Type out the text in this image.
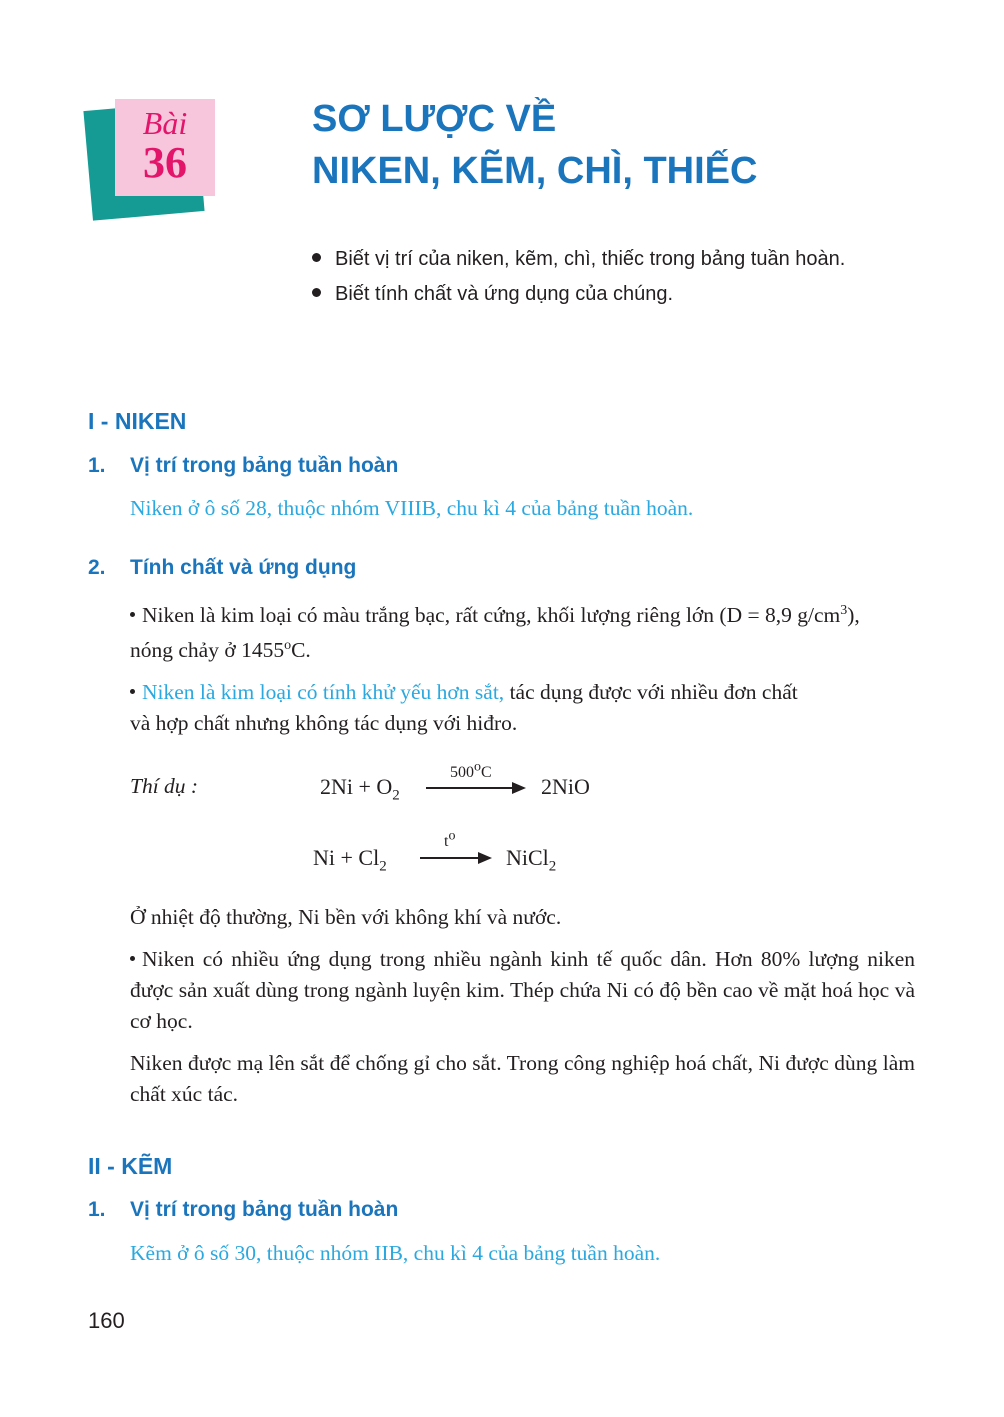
Bài
36
SƠ LƯỢC VỀ
NIKEN, KẼM, CHÌ, THIẾC
Biết vị trí của niken, kẽm, chì, thiếc trong bảng tuần hoàn.
Biết tính chất và ứng dụng của chúng.
I - NIKEN
1. Vị trí trong bảng tuần hoàn
Niken ở ô số 28, thuộc nhóm VIIIB, chu kì 4 của bảng tuần hoàn.
2. Tính chất và ứng dụng
Niken là kim loại có màu trắng bạc, rất cứng, khối lượng riêng lớn (D = 8,9 $g/cm^3$),
nóng chảy ở 1455$^o$C.
Niken là kim loại có tính khử yếu hơn sắt, tác dụng được với nhiều đơn chất
và hợp chất nhưng không tác dụng với hiđro.
Thí dụ :	$2Ni + O_2$
500$^o$C
2NiO
$Ni + Cl_2$
$t^o$
NiCl$_2$
Ở nhiệt độ thường, Ni bền với không khí và nước.
Niken có nhiều ứng dụng trong nhiều ngành kinh tế quốc dân. Hơn 80% lượng niken được sản xuất dùng trong ngành luyện kim. Thép chứa Ni có độ bền cao về mặt hoá học và cơ học.
Niken được mạ lên sắt để chống gỉ cho sắt. Trong công nghiệp hoá chất, Ni được dùng làm chất xúc tác.
II - KẼM
1. Vị trí trong bảng tuần hoàn
Kẽm ở ô số 30, thuộc nhóm IIB, chu kì 4 của bảng tuần hoàn.
160
